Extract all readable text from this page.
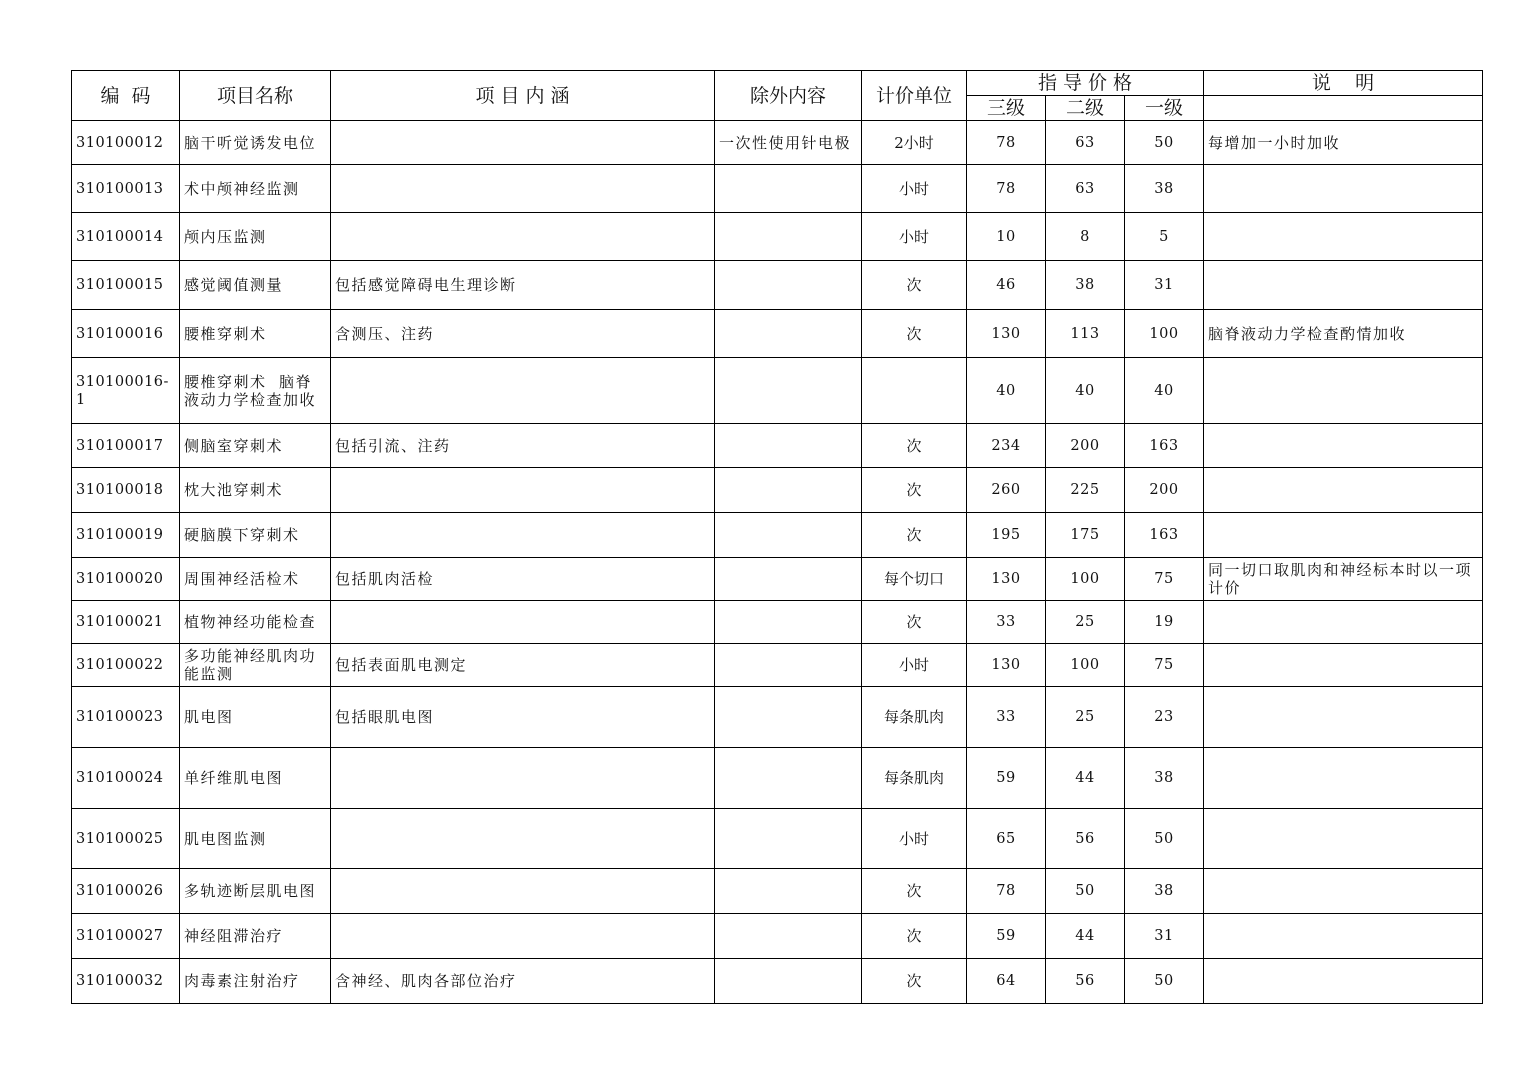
编  码	项目名称	项 目 内 涵	除外内容	计价单位	指 导 价 格			说    明
					三级	二级	一级	
310100012	脑干听觉诱发电位		一次性使用针电极	2小时	78	63	50	每增加一小时加收
310100013	术中颅神经监测			小时	78	63	38	
310100014	颅内压监测			小时	10	8	5	
310100015	感觉阈值测量	包括感觉障碍电生理诊断		次	46	38	31	
310100016	腰椎穿刺术	含测压、注药		次	130	113	100	脑脊液动力学检查酌情加收
310100016-1	腰椎穿刺术  脑脊液动力学检查加收				40	40	40	
310100017	侧脑室穿刺术	包括引流、注药		次	234	200	163	
310100018	枕大池穿刺术			次	260	225	200	
310100019	硬脑膜下穿刺术			次	195	175	163	
310100020	周围神经活检术	包括肌肉活检		每个切口	130	100	75	同一切口取肌肉和神经标本时以一项计价
310100021	植物神经功能检查			次	33	25	19	
310100022	多功能神经肌肉功能监测	包括表面肌电测定		小时	130	100	75	
310100023	肌电图	包括眼肌电图		每条肌肉	33	25	23	
310100024	单纤维肌电图			每条肌肉	59	44	38	
310100025	肌电图监测			小时	65	56	50	
310100026	多轨迹断层肌电图			次	78	50	38	
310100027	神经阻滞治疗			次	59	44	31	
310100032	肉毒素注射治疗	含神经、肌肉各部位治疗		次	64	56	50	
